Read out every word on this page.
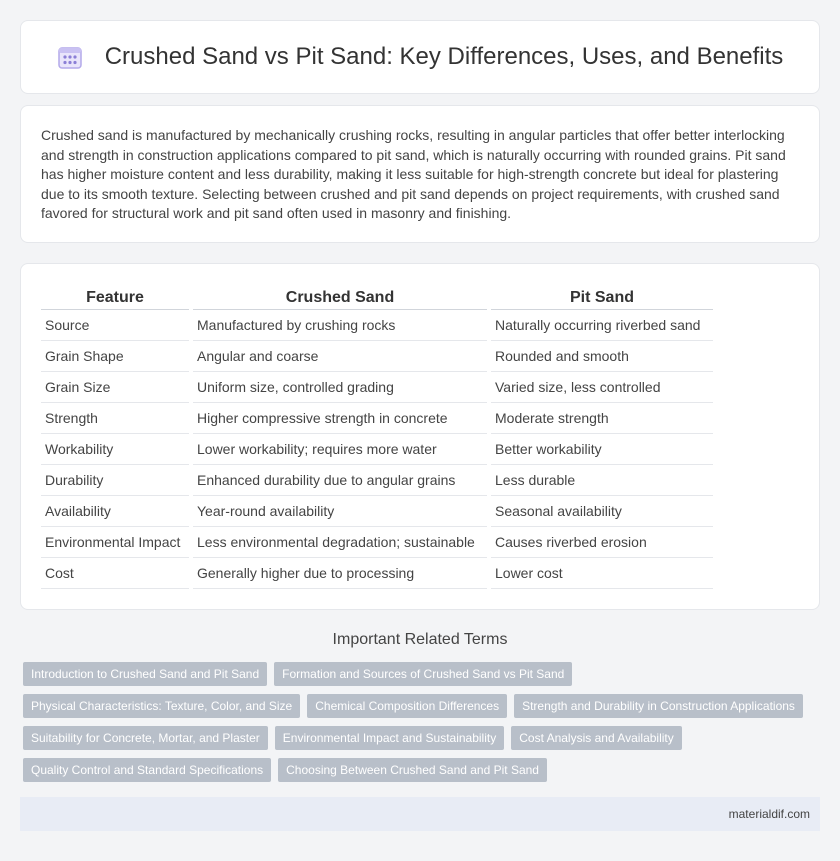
Crushed Sand vs Pit Sand: Key Differences, Uses, and Benefits

Crushed sand is manufactured by mechanically crushing rocks, resulting in angular particles that offer better interlocking and strength in construction applications compared to pit sand, which is naturally occurring with rounded grains. Pit sand has higher moisture content and less durability, making it less suitable for high-strength concrete but ideal for plastering due to its smooth texture. Selecting between crushed and pit sand depends on project requirements, with crushed sand favored for structural work and pit sand often used in masonry and finishing.

Feature	Crushed Sand	Pit Sand
Source	Manufactured by crushing rocks	Naturally occurring riverbed sand
Grain Shape	Angular and coarse	Rounded and smooth
Grain Size	Uniform size, controlled grading	Varied size, less controlled
Strength	Higher compressive strength in concrete	Moderate strength
Workability	Lower workability; requires more water	Better workability
Durability	Enhanced durability due to angular grains	Less durable
Availability	Year-round availability	Seasonal availability
Environmental Impact	Less environmental degradation; sustainable	Causes riverbed erosion
Cost	Generally higher due to processing	Lower cost
Important Related Terms
Introduction to Crushed Sand and Pit Sand	Formation and Sources of Crushed Sand vs Pit Sand
Physical Characteristics: Texture, Color, and Size	Chemical Composition Differences	Strength and Durability in Construction Applications
Suitability for Concrete, Mortar, and Plaster	Environmental Impact and Sustainability	Cost Analysis and Availability
Quality Control and Standard Specifications	Choosing Between Crushed Sand and Pit Sand
materialdif.com
